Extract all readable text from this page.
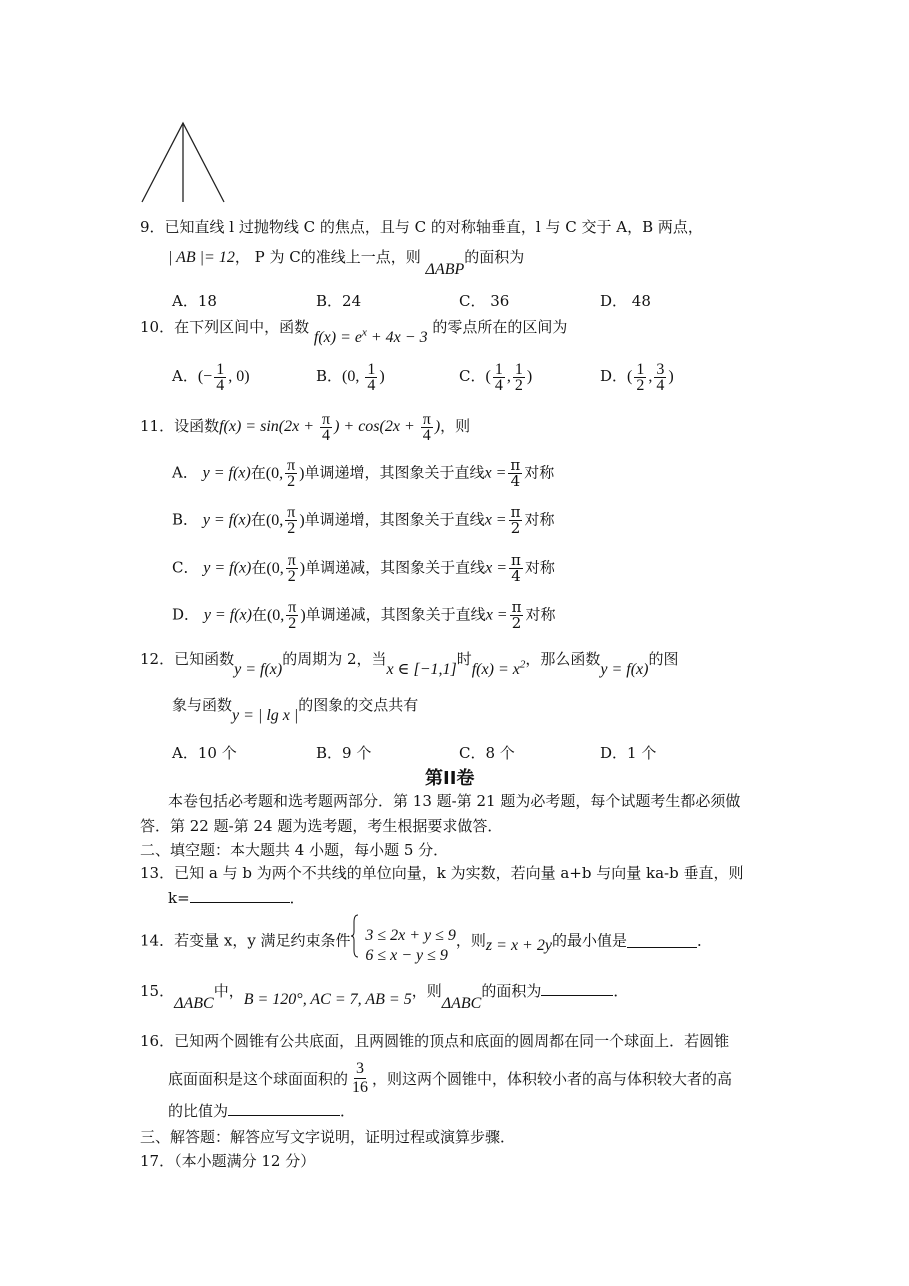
9．已知直线 l 过抛物线 C 的焦点，且与 C 的对称轴垂直，l 与 C 交于 A，B 两点，
| AB |= 12， P 为 C的准线上一点，则 ΔABP的面积为
A．18	B．24	C． 36	D． 48
10．在下列区间中，函数 $f(x) = e^x + 4x - 3$ 的零点所在的区间为
A．(− $\frac{1}{4}$ , 0)	B．(0, $\frac{1}{4}$ )	C．( $\frac{1}{4}$ , $\frac{1}{2}$ )	D．( $\frac{1}{2}$ , $\frac{3}{4}$ )
11．设函数$f(x) = \sin(2x + \frac{\pi}{4}$ ) + $\cos(2x + \frac{\pi}{4}$ )，则
A． y = f(x)在(0, $\frac{\pi}{2}$ )单调递增，其图象关于直线$x = \frac{\pi}{4}$ 对称
B． y = f(x)在(0, $\frac{\pi}{2}$ )单调递增，其图象关于直线$x = \frac{\pi}{2}$ 对称
C． y = f(x)在(0, $\frac{\pi}{2}$ )单调递减，其图象关于直线$x = \frac{\pi}{4}$ 对称
D． y = f(x)在(0, $\frac{\pi}{2}$ )单调递减，其图象关于直线$x = \frac{\pi}{2}$ 对称
12．已知函数y = f(x)的周期为 2，当x ∈ [−1,1]时$f(x) = x^2$，那么函数y = f(x)的图
象与函数y = | lg x |的图象的交点共有
A．10 个	B．9 个	C．8 个	D．1 个
第II卷
本卷包括必考题和选考题两部分．第 13 题-第 21 题为必考题，每个试题考生都必须做
答．第 22 题-第 24 题为选考题，考生根据要求做答．
二、填空题：本大题共 4 小题，每小题 5 分．
13．已知 a 与 b 为两个不共线的单位向量，k 为实数，若向量 a+b 与向量 ka-b 垂直，则
k=	．
14．若变量 x，y 满足约束条件 3 ≤ 2x + y ≤ 9
6 ≤ x − y ≤ 9
，则z = x + 2y的最小值是	．
15．ΔABC中，B = 120°, AC = 7, AB = 5，则ΔABC的面积为	．
16．已知两个圆锥有公共底面，且两圆锥的顶点和底面的圆周都在同一个球面上．若圆锥
底面面积是这个球面面积的 $\frac{3}{16}$ ，则这两个圆锥中，体积较小者的高与体积较大者的高
的比值为	．
三、解答题：解答应写文字说明，证明过程或演算步骤．
17．（本小题满分 12 分）
